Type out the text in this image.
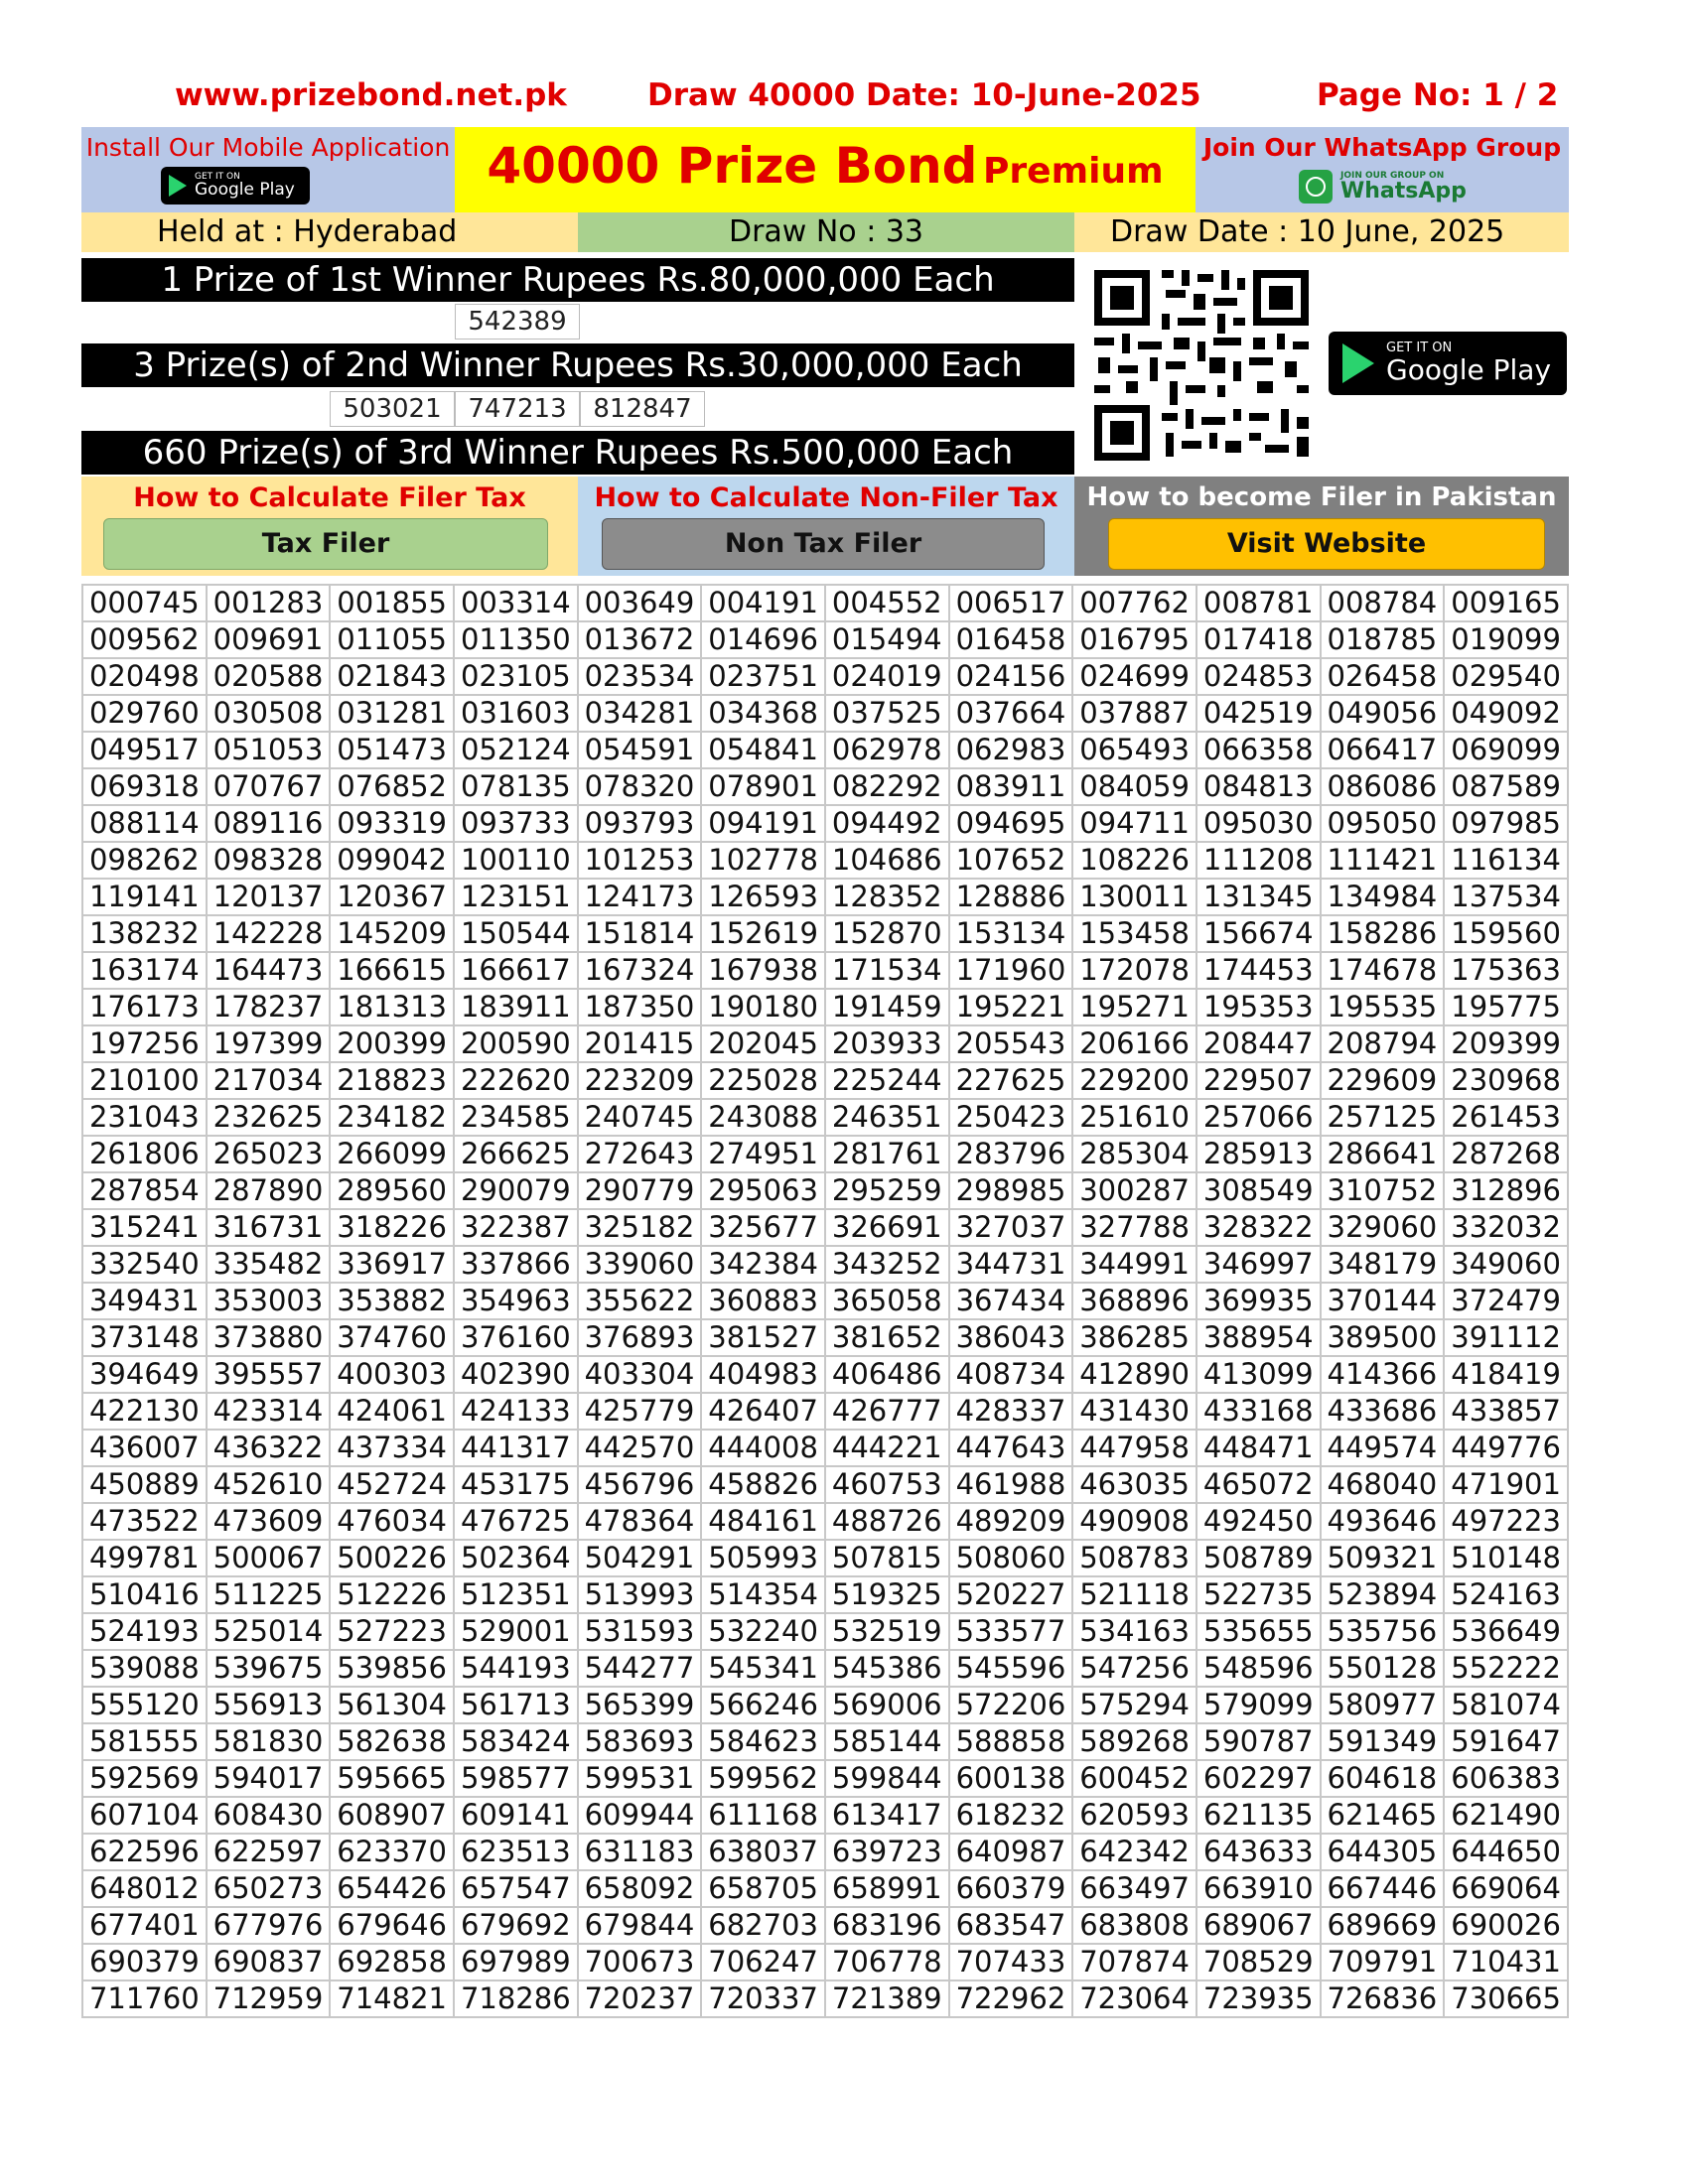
www.prizebond.net.pk	Draw 40000 Date: 10-June-2025	Page No: 1 / 2
Install Our Mobile Application
GET IT ON
Google Play	40000 Prize Bond Premium
Join Our WhatsApp Group
JOIN OUR GROUP ON
WhatsApp
Held at : Hyderabad	Draw No : 33	Draw Date : 10 June, 2025
1 Prize of 1st Winner Rupees Rs.80,000,000 Each
542389
3 Prize(s) of 2nd Winner Rupees Rs.30,000,000 Each
503021	747213	812847
660 Prize(s) of 3rd Winner Rupees Rs.500,000 Each
GET IT ON
Google Play
How to Calculate Filer Tax
Tax Filer
How to Calculate Non-Filer Tax
Non Tax Filer
How to become Filer in Pakistan
Visit Website
000745	001283	001855	003314	003649	004191	004552	006517	007762	008781	008784	009165
009562	009691	011055	011350	013672	014696	015494	016458	016795	017418	018785	019099
020498	020588	021843	023105	023534	023751	024019	024156	024699	024853	026458	029540
029760	030508	031281	031603	034281	034368	037525	037664	037887	042519	049056	049092
049517	051053	051473	052124	054591	054841	062978	062983	065493	066358	066417	069099
069318	070767	076852	078135	078320	078901	082292	083911	084059	084813	086086	087589
088114	089116	093319	093733	093793	094191	094492	094695	094711	095030	095050	097985
098262	098328	099042	100110	101253	102778	104686	107652	108226	111208	111421	116134
119141	120137	120367	123151	124173	126593	128352	128886	130011	131345	134984	137534
138232	142228	145209	150544	151814	152619	152870	153134	153458	156674	158286	159560
163174	164473	166615	166617	167324	167938	171534	171960	172078	174453	174678	175363
176173	178237	181313	183911	187350	190180	191459	195221	195271	195353	195535	195775
197256	197399	200399	200590	201415	202045	203933	205543	206166	208447	208794	209399
210100	217034	218823	222620	223209	225028	225244	227625	229200	229507	229609	230968
231043	232625	234182	234585	240745	243088	246351	250423	251610	257066	257125	261453
261806	265023	266099	266625	272643	274951	281761	283796	285304	285913	286641	287268
287854	287890	289560	290079	290779	295063	295259	298985	300287	308549	310752	312896
315241	316731	318226	322387	325182	325677	326691	327037	327788	328322	329060	332032
332540	335482	336917	337866	339060	342384	343252	344731	344991	346997	348179	349060
349431	353003	353882	354963	355622	360883	365058	367434	368896	369935	370144	372479
373148	373880	374760	376160	376893	381527	381652	386043	386285	388954	389500	391112
394649	395557	400303	402390	403304	404983	406486	408734	412890	413099	414366	418419
422130	423314	424061	424133	425779	426407	426777	428337	431430	433168	433686	433857
436007	436322	437334	441317	442570	444008	444221	447643	447958	448471	449574	449776
450889	452610	452724	453175	456796	458826	460753	461988	463035	465072	468040	471901
473522	473609	476034	476725	478364	484161	488726	489209	490908	492450	493646	497223
499781	500067	500226	502364	504291	505993	507815	508060	508783	508789	509321	510148
510416	511225	512226	512351	513993	514354	519325	520227	521118	522735	523894	524163
524193	525014	527223	529001	531593	532240	532519	533577	534163	535655	535756	536649
539088	539675	539856	544193	544277	545341	545386	545596	547256	548596	550128	552222
555120	556913	561304	561713	565399	566246	569006	572206	575294	579099	580977	581074
581555	581830	582638	583424	583693	584623	585144	588858	589268	590787	591349	591647
592569	594017	595665	598577	599531	599562	599844	600138	600452	602297	604618	606383
607104	608430	608907	609141	609944	611168	613417	618232	620593	621135	621465	621490
622596	622597	623370	623513	631183	638037	639723	640987	642342	643633	644305	644650
648012	650273	654426	657547	658092	658705	658991	660379	663497	663910	667446	669064
677401	677976	679646	679692	679844	682703	683196	683547	683808	689067	689669	690026
690379	690837	692858	697989	700673	706247	706778	707433	707874	708529	709791	710431
711760	712959	714821	718286	720237	720337	721389	722962	723064	723935	726836	730665
